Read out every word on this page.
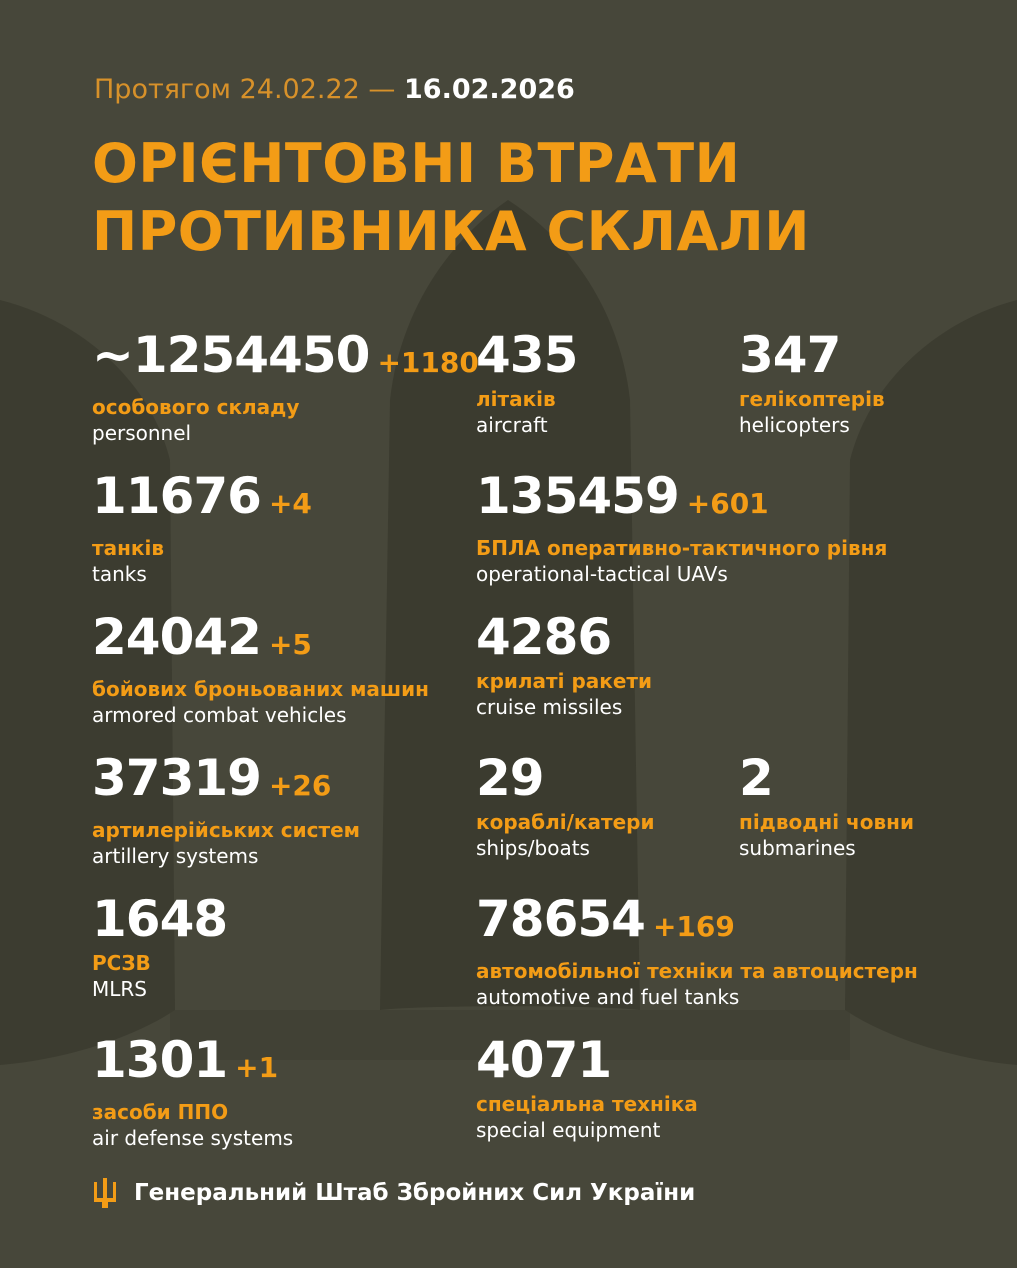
Протягом 24.02.22 — 16.02.2026
ОРІЄНТОВНІ ВТРАТИ
ПРОТИВНИКА СКЛАЛИ
~1254450 +1180
особового складу
personnel
435
літаків
aircraft
347
гелікоптерів
helicopters
11676 +4
танків
tanks
135459 +601
БПЛА оперативно-тактичного рівня
operational-tactical UAVs
24042 +5
бойових броньованих машин
armored combat vehicles
4286
крилаті ракети
cruise missiles
37319 +26
артилерійських систем
artillery systems
29
кораблі/катери
ships/boats
2
підводні човни
submarines
1648
РСЗВ
MLRS
78654 +169
автомобільної техніки та автоцистерн
automotive and fuel tanks
1301 +1
засоби ППО
air defense systems
4071
спеціальна техніка
special equipment
Генеральний Штаб Збройних Сил України
